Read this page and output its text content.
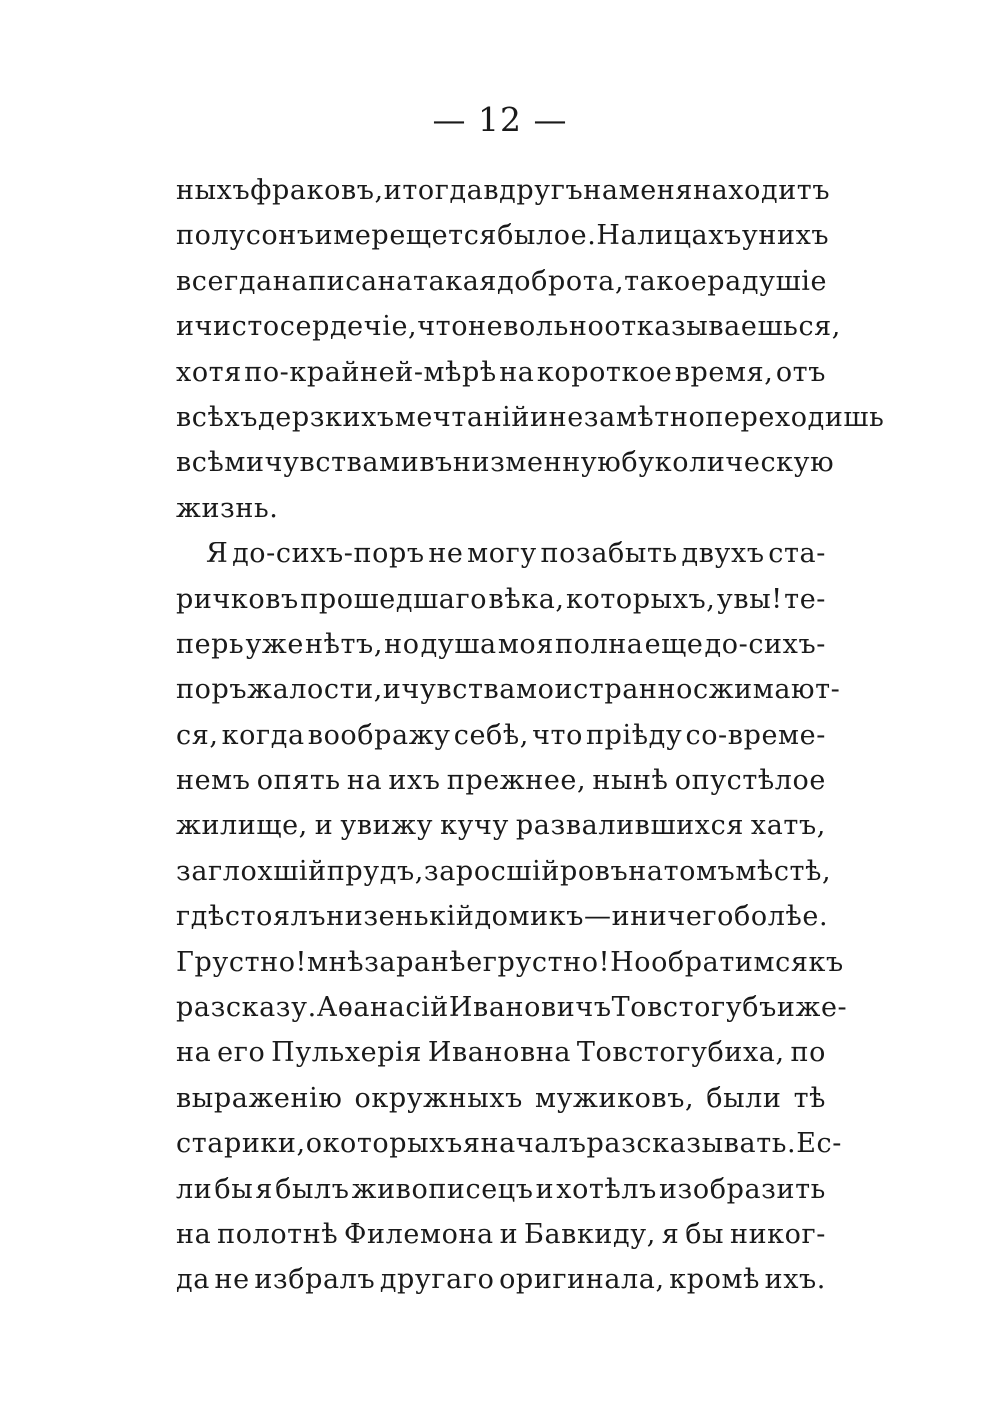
— 12 —
ныхъ фраковъ, и тогда вдругъ на меня находитъ
полусонъ и мерещется былое. На лицахъ у нихъ
всегда написана такая доброта, такое радушіе
и чистосердечіе, что невольно отказываешься,
хотя по-крайней-мѣрѣ на короткое время, отъ
всѣхъ дерзкихъ мечтаній и незамѣтно переходишь
всѣми чувствами въ низменную буколическую
жизнь.
Я до-сихъ-поръ не могу позабыть двухъ ста-
ричковъ прошедшаго вѣка, которыхъ, увы! те-
перь уже нѣтъ, но душа моя полна еще до-сихъ-
поръ жалости, и чувства мои странно сжимают-
ся, когда воображу себѣ, что пріѣду со-време-
немъ опять на ихъ прежнее, нынѣ опустѣлое
жилище, и увижу кучу развалившихся хатъ,
заглохшій прудъ, заросшій ровъ на томъ мѣстѣ,
гдѣ стоялъ низенькій домикъ — и ничего болѣе.
Грустно! мнѣ заранѣе грустно! Но обратимся къ
разсказу. Аѳанасій Ивановичъ Товстогубъ и же-
на его Пульхерія Ивановна Товстогубиха, по
выраженію окружныхъ мужиковъ, были тѣ
старики, о которыхъ я началъ разсказывать. Ес-
ли бы я былъ живописецъ и хотѣлъ изобразить
на полотнѣ Филемона и Бавкиду, я бы никог-
да не избралъ другаго оригинала, кромѣ ихъ.
